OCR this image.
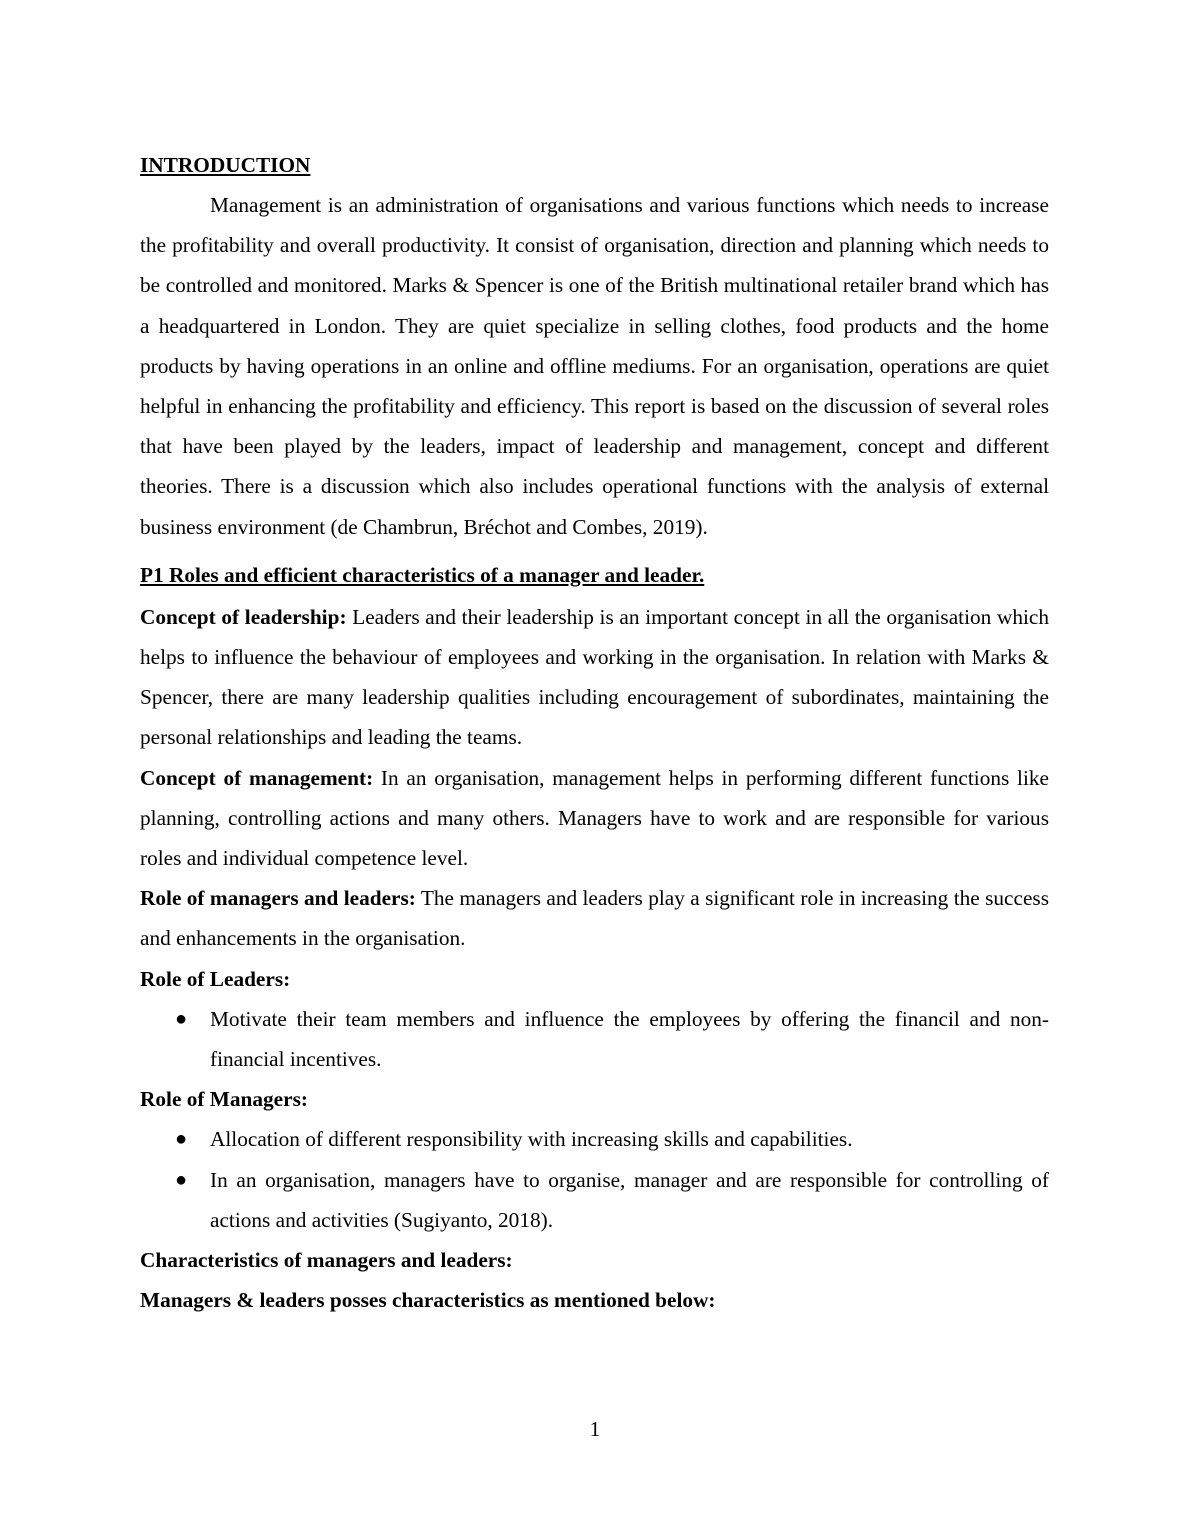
INTRODUCTION

Management is an administration of organisations and various functions which needs to increase the profitability and overall productivity. It consist of organisation, direction and planning which needs to be controlled and monitored. Marks & Spencer is one of the British multinational retailer brand which has a headquartered in London. They are quiet specialize in selling clothes, food products and the home products by having operations in an online and offline mediums. For an organisation, operations are quiet helpful in enhancing the profitability and efficiency. This report is based on the discussion of several roles that have been played by the leaders, impact of leadership and management, concept and different theories. There is a discussion which also includes operational functions with the analysis of external business environment (de Chambrun, Bréchot and Combes, 2019).

P1 Roles and efficient characteristics of a manager and leader.

Concept of leadership: Leaders and their leadership is an important concept in all the organisation which helps to influence the behaviour of employees and working in the organisation. In relation with Marks & Spencer, there are many leadership qualities including encouragement of subordinates, maintaining the personal relationships and leading the teams.

Concept of management: In an organisation, management helps in performing different functions like planning, controlling actions and many others. Managers have to work and are responsible for various roles and individual competence level.

Role of managers and leaders: The managers and leaders play a significant role in increasing the success and enhancements in the organisation.

Role of Leaders:

● Motivate their team members and influence the employees by offering the financil and non-financial incentives.

Role of Managers:

● Allocation of different responsibility with increasing skills and capabilities.
● In an organisation, managers have to organise, manager and are responsible for controlling of actions and activities (Sugiyanto, 2018).

Characteristics of managers and leaders:

Managers & leaders posses characteristics as mentioned below:

1
